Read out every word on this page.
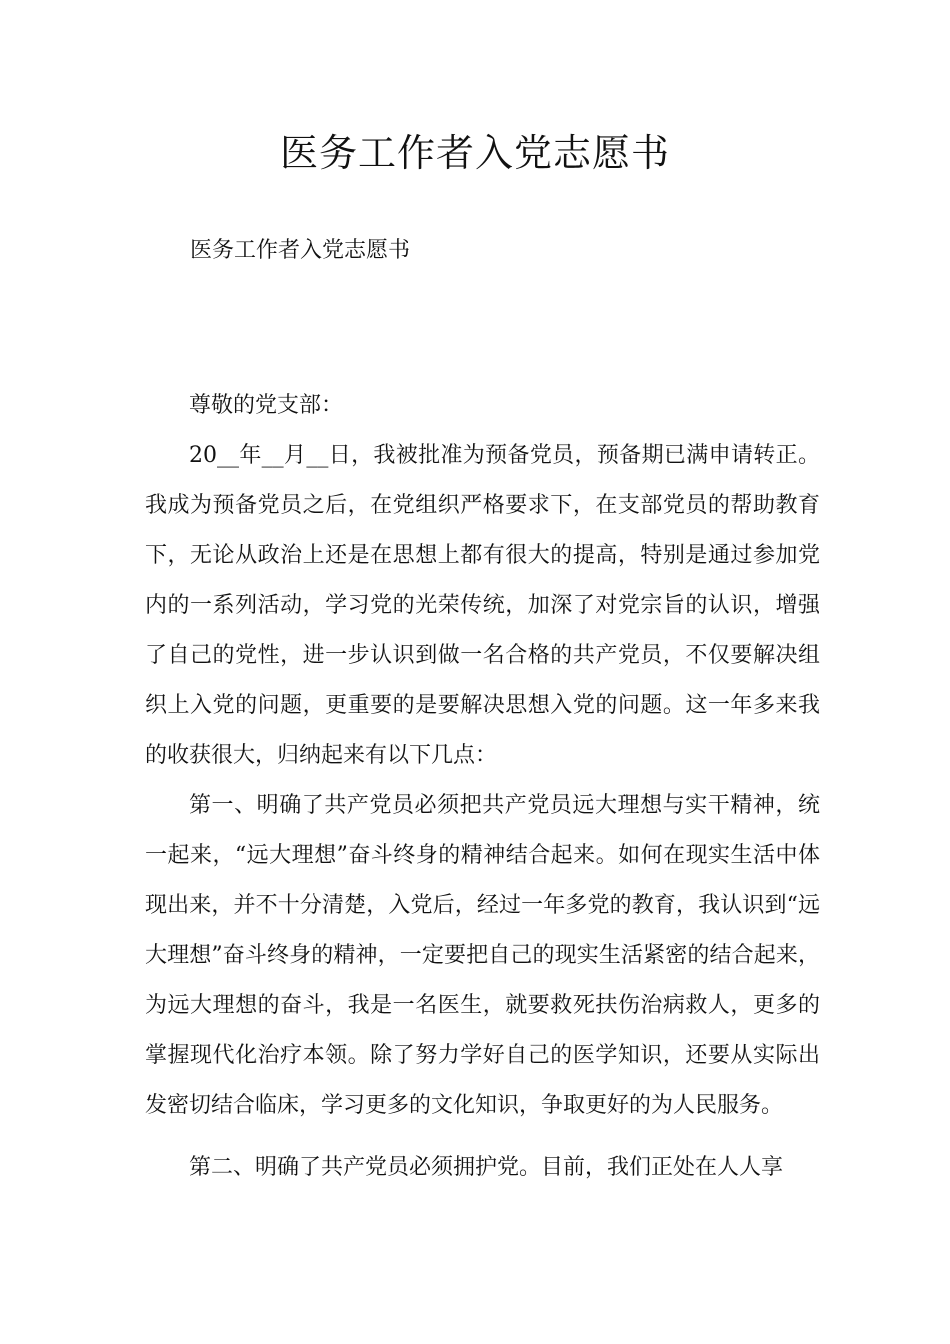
医务工作者入党志愿书

医务工作者入党志愿书

尊敬的党支部：

20__年__月__日，我被批准为预备党员，预备期已满申请转正。我成为预备党员之后，在党组织严格要求下，在支部党员的帮助教育下，无论从政治上还是在思想上都有很大的提高，特别是通过参加党内的一系列活动，学习党的光荣传统，加深了对党宗旨的认识，增强了自己的党性，进一步认识到做一名合格的共产党员，不仅要解决组织上入党的问题，更重要的是要解决思想入党的问题。这一年多来我的收获很大，归纳起来有以下几点：

第一、明确了共产党员必须把共产党员远大理想与实干精神，统一起来，“远大理想”奋斗终身的精神结合起来。如何在现实生活中体现出来，并不十分清楚，入党后，经过一年多党的教育，我认识到“远大理想”奋斗终身的精神，一定要把自己的现实生活紧密的结合起来，为远大理想的奋斗，我是一名医生，就要救死扶伤治病救人，更多的掌握现代化治疗本领。除了努力学好自己的医学知识，还要从实际出发密切结合临床，学习更多的文化知识，争取更好的为人民服务。

第二、明确了共产党员必须拥护党。目前，我们正处在人人享
